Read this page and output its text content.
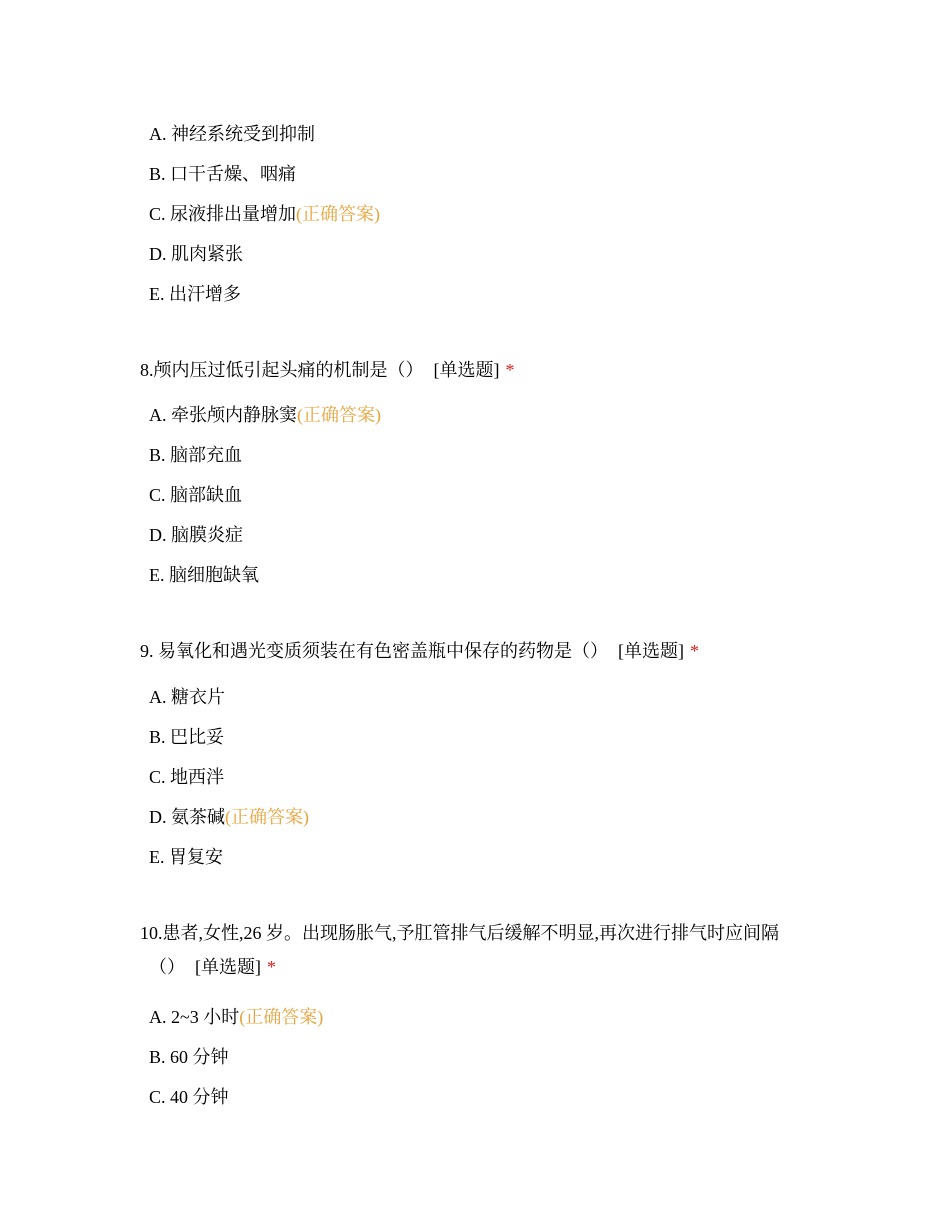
A. 神经系统受到抑制
B. 口干舌燥、咽痛
C. 尿液排出量增加(正确答案)
D. 肌肉紧张
E. 出汗增多
8.颅内压过低引起头痛的机制是（） [单选题] *
A. 牵张颅内静脉窦(正确答案)
B. 脑部充血
C. 脑部缺血
D. 脑膜炎症
E. 脑细胞缺氧
9. 易氧化和遇光变质须装在有色密盖瓶中保存的药物是（） [单选题] *
A. 糖衣片
B. 巴比妥
C. 地西泮
D. 氨茶碱(正确答案)
E. 胃复安
10.患者,女性,26 岁。出现肠胀气,予肛管排气后缓解不明显,再次进行排气时应间隔
（） [单选题] *
A. 2~3 小时(正确答案)
B. 60 分钟
C. 40 分钟
